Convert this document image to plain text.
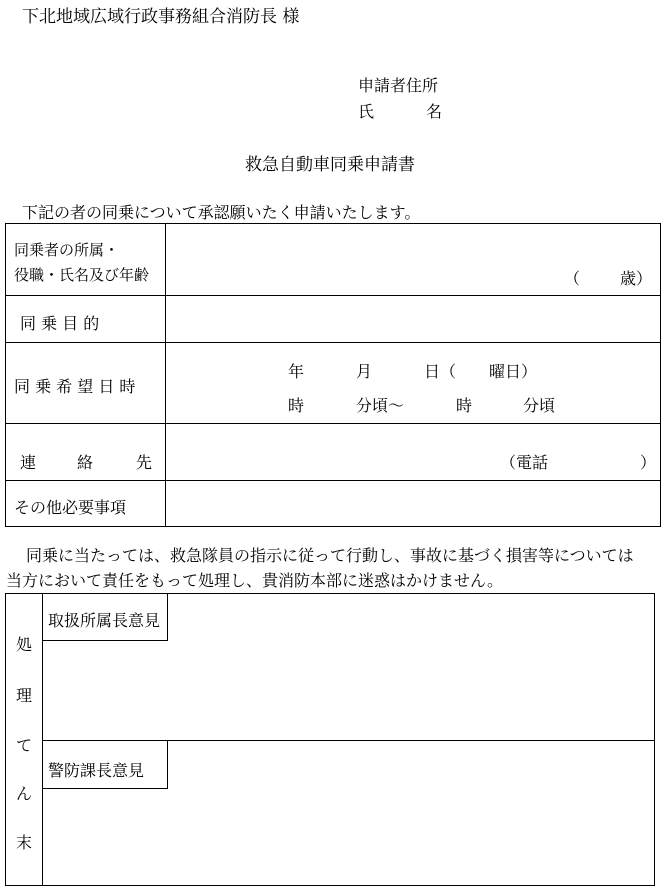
下北地域広域行政事務組合消防長 様
申請者住所
氏	名
救急自動車同乗申請書
下記の者の同乗について承認願いたく申請いたします。
同乗者の所属・
役職・氏名及び年齢	（ 歳）
同 乗 目 的
同 乗 希 望 日 時
年	月	日（ 曜日）
時	分頃～	時	分頃
連	絡	先	（電話	）
その他必要事項
同乗に当たっては、救急隊員の指示に従って行動し、事故に基づく損害等については
当方において責任をもって処理し、貴消防本部に迷惑はかけません。
処
理
て
ん
末
取扱所属長意見
警防課長意見
